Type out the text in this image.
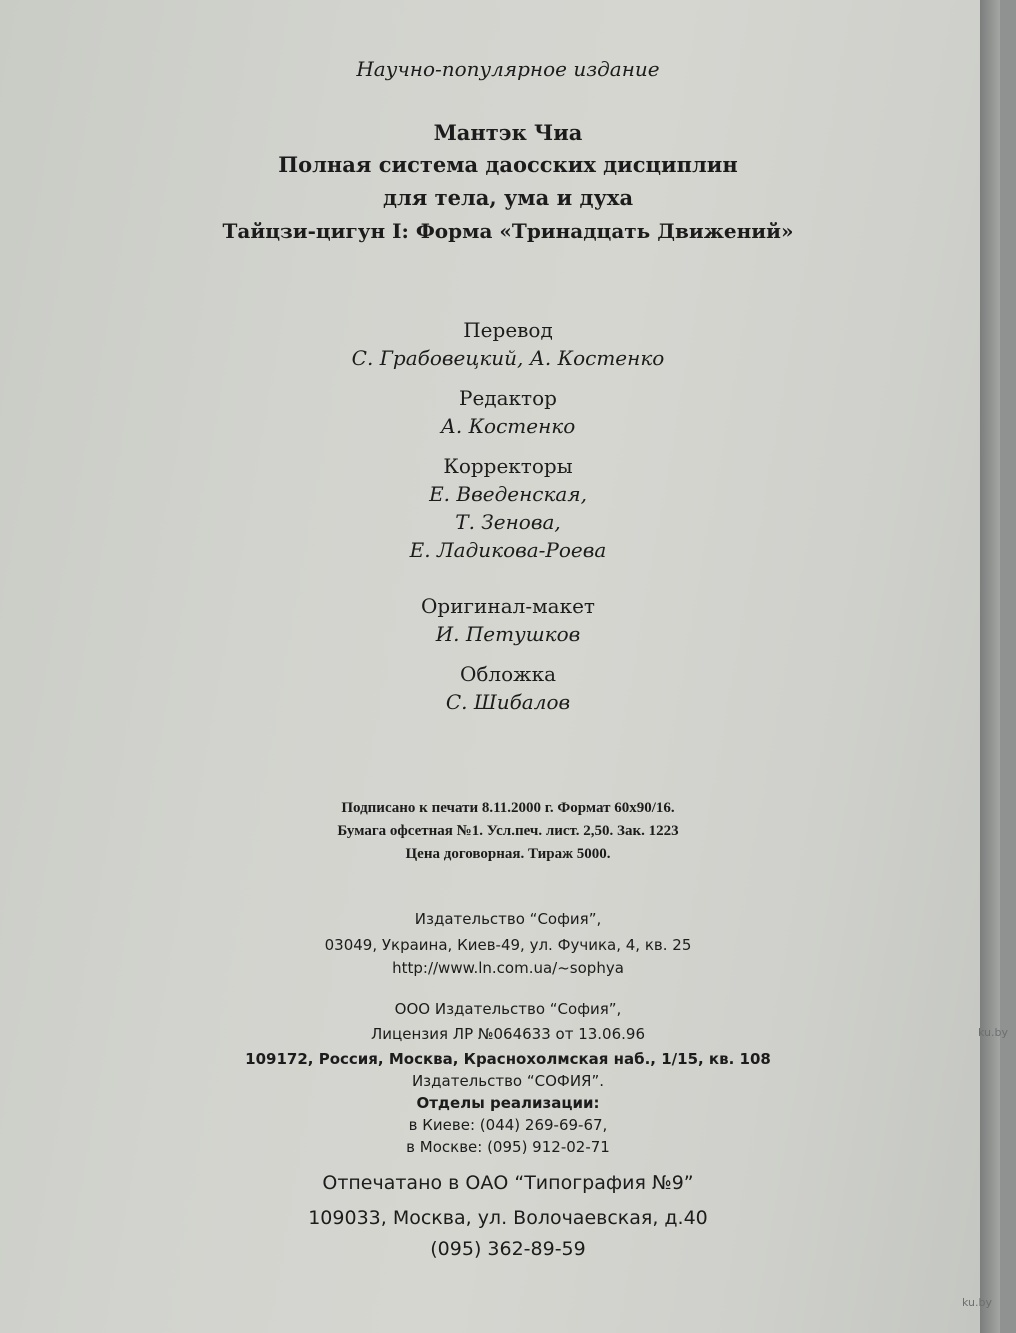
Научно-популярное издание
Мантэк Чиа
Полная система даосских дисциплин
для тела, ума и духа
Тайцзи-цигун I: Форма «Тринадцать Движений»
Перевод
С. Грабовецкий, А. Костенко
Редактор
А. Костенко
Корректоры
Е. Введенская,
Т. Зенова,
Е. Ладикова-Роева
Оригинал-макет
И. Петушков
Обложка
С. Шибалов
Подписано к печати 8.11.2000 г. Формат 60х90/16.
Бумага офсетная №1. Усл.печ. лист. 2,50. Зак. 1223
Цена договорная. Тираж 5000.
Издательство “София”,
03049, Украина, Киев-49, ул. Фучика, 4, кв. 25
http://www.ln.com.ua/~sophya
ООО Издательство “София”,
Лицензия ЛР №064633 от 13.06.96
109172, Россия, Москва, Краснохолмская наб., 1/15, кв. 108
Издательство “СОФИЯ”.
Отделы реализации:
в Киеве: (044) 269-69-67,
в Москве: (095) 912-02-71
Отпечатано в ОАО “Типография №9”
109033, Москва, ул. Волочаевская, д.40
(095) 362-89-59
ku.by
ku.by
